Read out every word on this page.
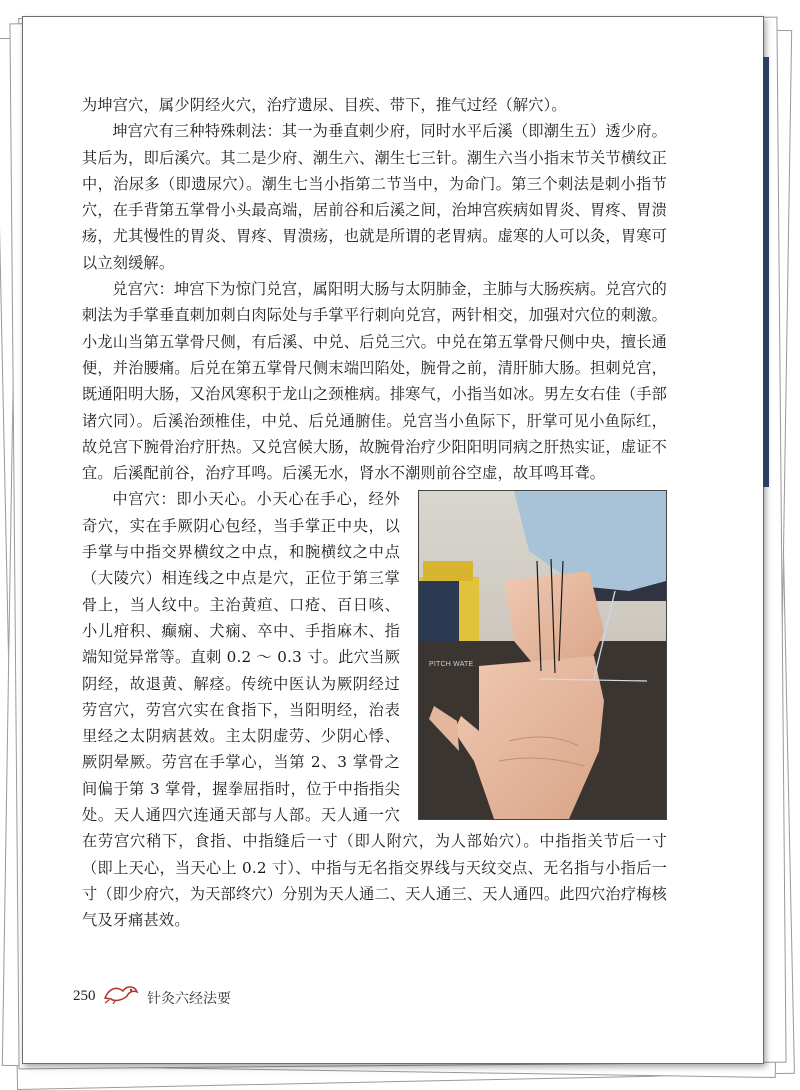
为坤宫穴，属少阴经火穴，治疗遗尿、目疾、带下，推气过经（解穴）。

坤宫穴有三种特殊刺法：其一为垂直刺少府，同时水平后溪（即潮生五）透少府。其后为，即后溪穴。其二是少府、潮生六、潮生七三针。潮生六当小指末节关节横纹正中，治尿多（即遗尿穴）。潮生七当小指第二节当中，为命门。第三个刺法是刺小指节穴，在手背第五掌骨小头最高端，居前谷和后溪之间，治坤宫疾病如胃炎、胃疼、胃溃疡，尤其慢性的胃炎、胃疼、胃溃疡，也就是所谓的老胃病。虚寒的人可以灸，胃寒可以立刻缓解。

兑宫穴：坤宫下为惊门兑宫，属阳明大肠与太阴肺金，主肺与大肠疾病。兑宫穴的刺法为手掌垂直刺加刺白肉际处与手掌平行刺向兑宫，两针相交，加强对穴位的刺激。小龙山当第五掌骨尺侧，有后溪、中兑、后兑三穴。中兑在第五掌骨尺侧中央，擅长通便，并治腰痛。后兑在第五掌骨尺侧末端凹陷处，腕骨之前，清肝肺大肠。担刺兑宫，既通阳明大肠，又治风寒积于龙山之颈椎病。排寒气，小指当如冰。男左女右佳（手部诸穴同）。后溪治颈椎佳，中兑、后兑通腑佳。兑宫当小鱼际下，肝掌可见小鱼际红，故兑宫下腕骨治疗肝热。又兑宫候大肠，故腕骨治疗少阳阳明同病之肝热实证，虚证不宜。后溪配前谷，治疗耳鸣。后溪无水，肾水不潮则前谷空虚，故耳鸣耳聋。

PITCH WATE

中宫穴：即小天心。小天心在手心，经外奇穴，实在手厥阴心包经，当手掌正中央，以手掌与中指交界横纹之中点，和腕横纹之中点（大陵穴）相连线之中点是穴，正位于第三掌骨上，当人纹中。主治黄疸、口疮、百日咳、小儿疳积、癫痫、犬痫、卒中、手指麻木、指端知觉异常等。直刺 0.2 ～ 0.3 寸。此穴当厥阴经，故退黄、解痉。传统中医认为厥阴经过劳宫穴，劳宫穴实在食指下，当阳明经，治表里经之太阴病甚效。主太阴虚劳、少阴心悸、厥阴晕厥。劳宫在手掌心，当第 2、3 掌骨之间偏于第 3 掌骨，握拳屈指时，位于中指指尖处。天人通四穴连通天部与人部。天人通一穴在劳宫穴稍下，食指、中指缝后一寸（即人附穴，为人部始穴）。中指指关节后一寸（即上天心，当天心上 0.2 寸）、中指与无名指交界线与天纹交点、无名指与小指后一寸（即少府穴，为天部终穴）分别为天人通二、天人通三、天人通四。此四穴治疗梅核气及牙痛甚效。

250	针灸六经法要
